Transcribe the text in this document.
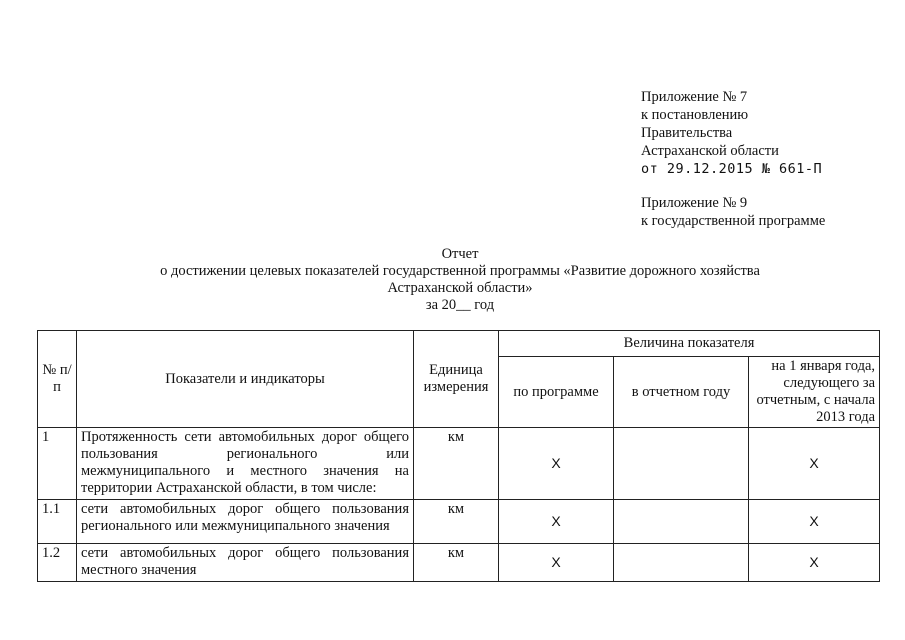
Приложение № 7
к постановлению
Правительства
Астраханской области
от 29.12.2015 № 661-П
Приложение № 9
к государственной программе
Отчет
о достижении целевых показателей государственной программы «Развитие дорожного хозяйства
Астраханской области»
за 20__ год
№ п/п	Показатели и индикаторы	Единица измерения	Величина показателя		
			по программе	в отчетном году	на 1 января года, следующего за отчетным, с начала 2013 года
1	Протяженность сети автомобильных дорог общего пользования регионального или межмуниципального и местного значения на территории Астраханской области, в том числе:	км	X		X
1.1	сети автомобильных дорог общего пользования регионального или межмуниципального значения	км	X		X
1.2	сети автомобильных дорог общего пользования местного значения	км	X		X
